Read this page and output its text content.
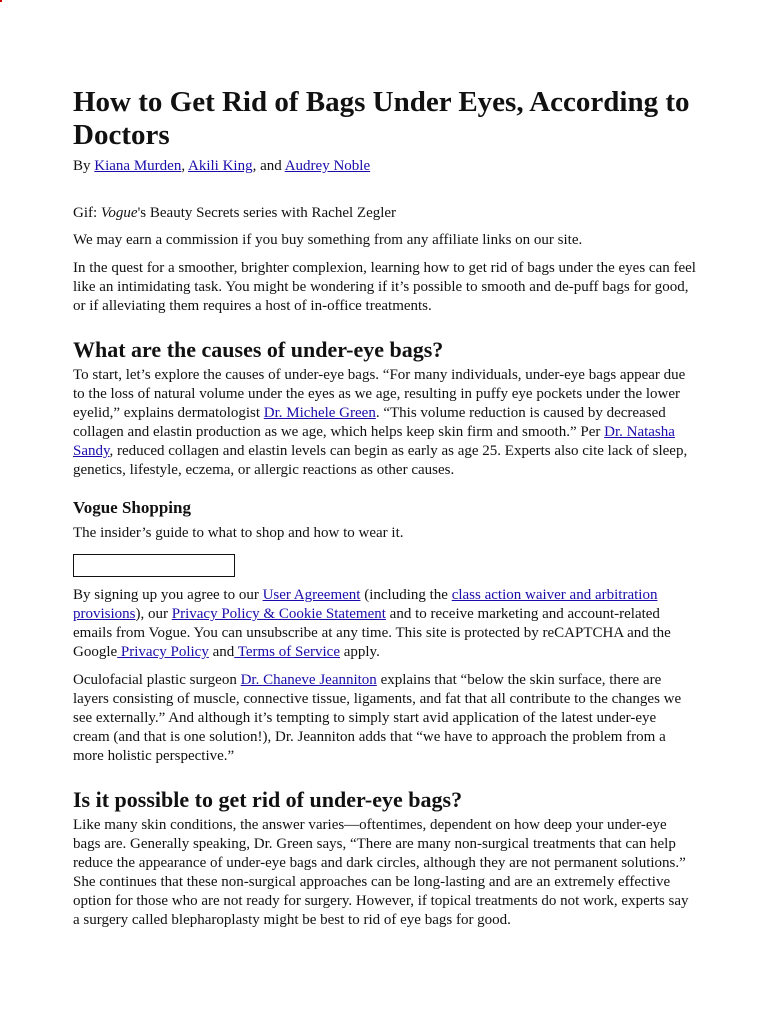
How to Get Rid of Bags Under Eyes, According to Doctors

By Kiana Murden, Akili King, and Audrey Noble

Gif: Vogue's Beauty Secrets series with Rachel Zegler

We may earn a commission if you buy something from any affiliate links on our site.

In the quest for a smoother, brighter complexion, learning how to get rid of bags under the eyes can feel like an intimidating task. You might be wondering if it’s possible to smooth and de-puff bags for good, or if alleviating them requires a host of in-office treatments.

What are the causes of under-eye bags?

To start, let’s explore the causes of under-eye bags. “For many individuals, under-eye bags appear due to the loss of natural volume under the eyes as we age, resulting in puffy eye pockets under the lower eyelid,” explains dermatologist Dr. Michele Green. “This volume reduction is caused by decreased collagen and elastin production as we age, which helps keep skin firm and smooth.” Per Dr. Natasha Sandy, reduced collagen and elastin levels can begin as early as age 25. Experts also cite lack of sleep, genetics, lifestyle, eczema, or allergic reactions as other causes.

Vogue Shopping

The insider’s guide to what to shop and how to wear it.

By signing up you agree to our User Agreement (including the class action waiver and arbitration provisions), our Privacy Policy & Cookie Statement and to receive marketing and account-related emails from Vogue. You can unsubscribe at any time. This site is protected by reCAPTCHA and the Google Privacy Policy and Terms of Service apply.

Oculofacial plastic surgeon Dr. Chaneve Jeanniton explains that “below the skin surface, there are layers consisting of muscle, connective tissue, ligaments, and fat that all contribute to the changes we see externally.” And although it’s tempting to simply start avid application of the latest under-eye cream (and that is one solution!), Dr. Jeanniton adds that “we have to approach the problem from a more holistic perspective.”

Is it possible to get rid of under-eye bags?

Like many skin conditions, the answer varies—oftentimes, dependent on how deep your under-eye bags are. Generally speaking, Dr. Green says, “There are many non-surgical treatments that can help reduce the appearance of under-eye bags and dark circles, although they are not permanent solutions.” She continues that these non-surgical approaches can be long-lasting and are an extremely effective option for those who are not ready for surgery. However, if topical treatments do not work, experts say a surgery called blepharoplasty might be best to rid of eye bags for good.
